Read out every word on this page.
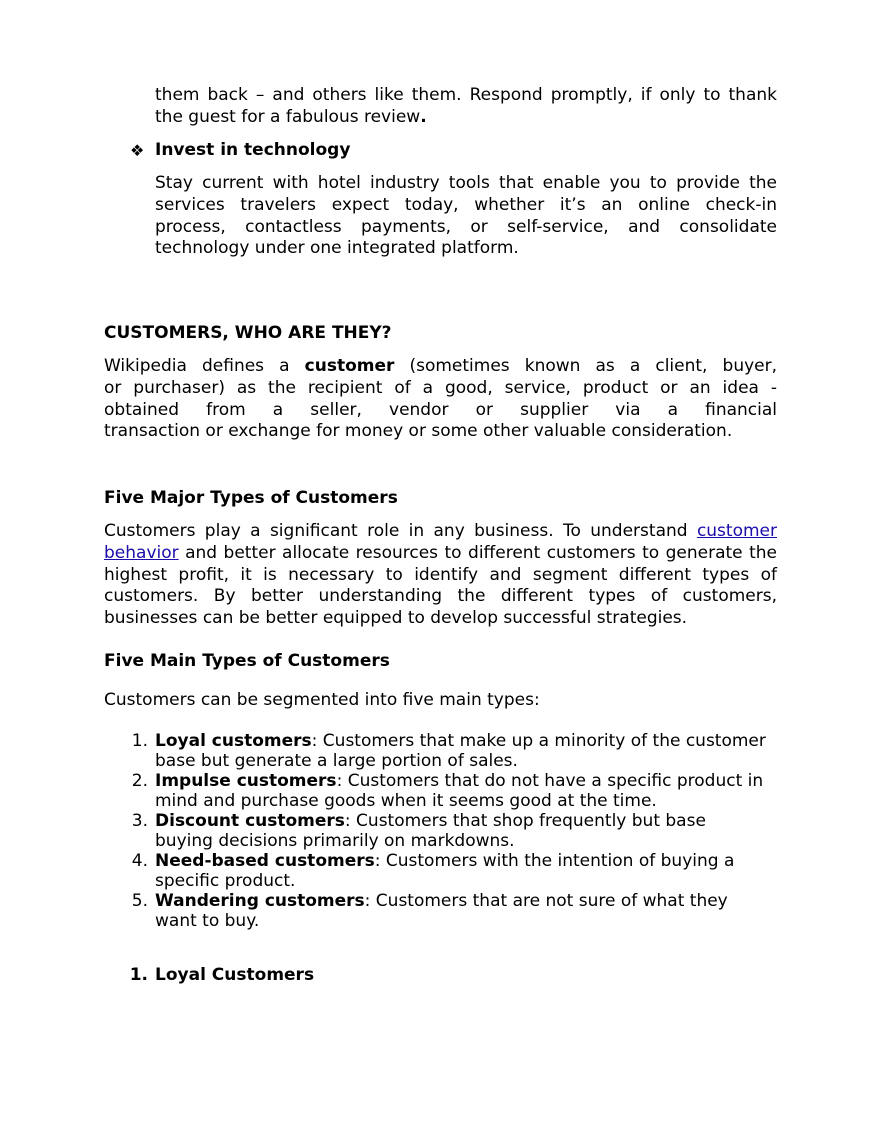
them back – and others like them. Respond promptly, if only to thank
the guest for a fabulous review.
❖ Invest in technology
Stay current with hotel industry tools that enable you to provide the
services travelers expect today, whether it’s an online check-in
process, contactless payments, or self-service, and consolidate
technology under one integrated platform.
CUSTOMERS, WHO ARE THEY?
Wikipedia defines a customer (sometimes known as a client, buyer,
or purchaser) as the recipient of a good, service, product or an idea -
obtained from a seller, vendor or supplier via a financial
transaction or exchange for money or some other valuable consideration.
Five Major Types of Customers
Customers play a significant role in any business. To understand customer
behavior and better allocate resources to different customers to generate the
highest profit, it is necessary to identify and segment different types of
customers. By better understanding the different types of customers,
businesses can be better equipped to develop successful strategies.
Five Main Types of Customers
Customers can be segmented into five main types:
1. Loyal customers: Customers that make up a minority of the customer
base but generate a large portion of sales.
2. Impulse customers: Customers that do not have a specific product in
mind and purchase goods when it seems good at the time.
3. Discount customers: Customers that shop frequently but base
buying decisions primarily on markdowns.
4. Need-based customers: Customers with the intention of buying a
specific product.
5. Wandering customers: Customers that are not sure of what they
want to buy.
1. Loyal Customers
